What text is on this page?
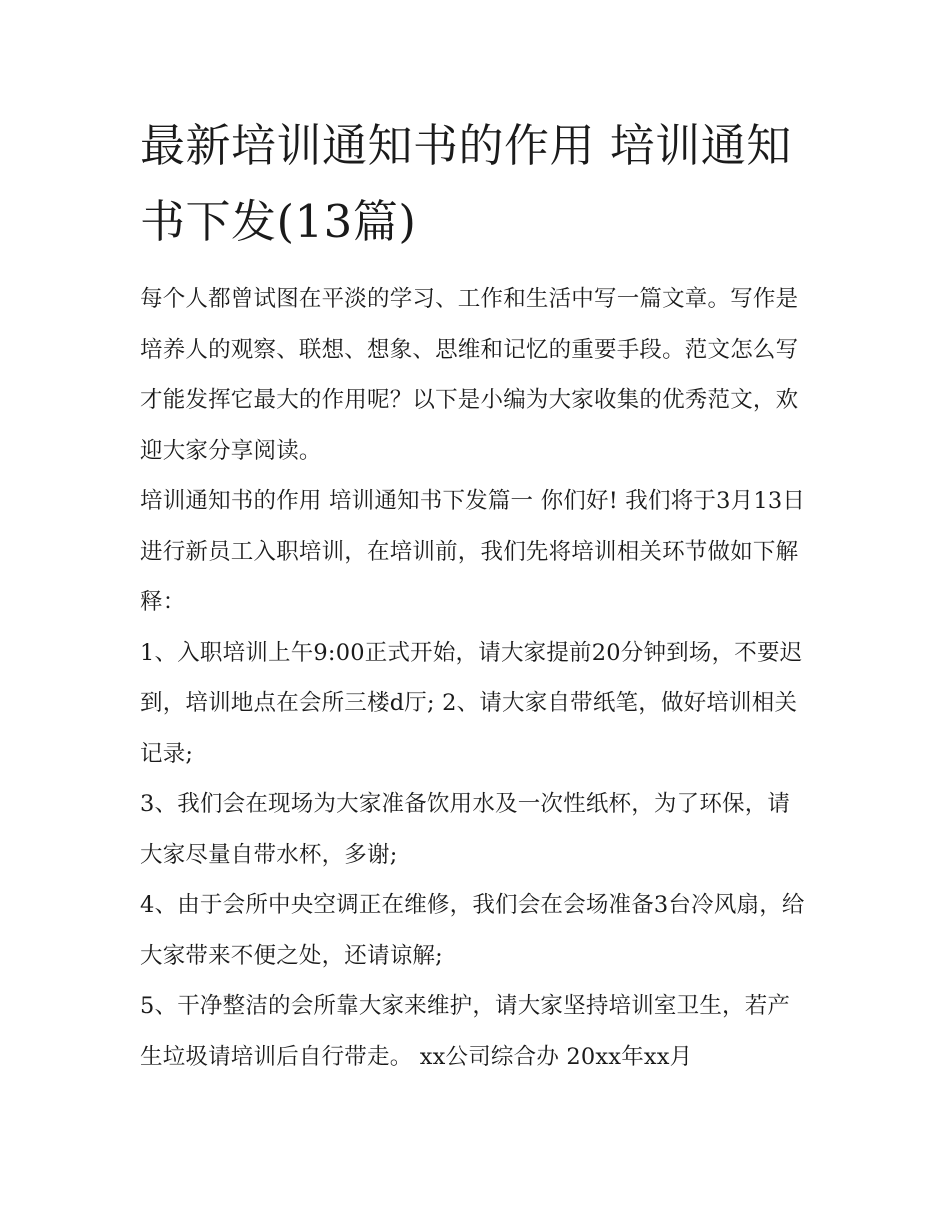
最新培训通知书的作用 培训通知书下发(13篇)

每个人都曾试图在平淡的学习、工作和生活中写一篇文章。写作是培养人的观察、联想、想象、思维和记忆的重要手段。范文怎么写才能发挥它最大的作用呢？以下是小编为大家收集的优秀范文，欢迎大家分享阅读。

培训通知书的作用 培训通知书下发篇一 你们好! 我们将于3月13日进行新员工入职培训，在培训前，我们先将培训相关环节做如下解释：

1、入职培训上午9:00正式开始，请大家提前20分钟到场，不要迟到，培训地点在会所三楼d厅; 2、请大家自带纸笔，做好培训相关记录;

3、我们会在现场为大家准备饮用水及一次性纸杯，为了环保，请大家尽量自带水杯，多谢;

4、由于会所中央空调正在维修，我们会在会场准备3台冷风扇，给大家带来不便之处，还请谅解;

5、干净整洁的会所靠大家来维护，请大家坚持培训室卫生，若产生垃圾请培训后自行带走。 xx公司综合办 20xx年xx月
